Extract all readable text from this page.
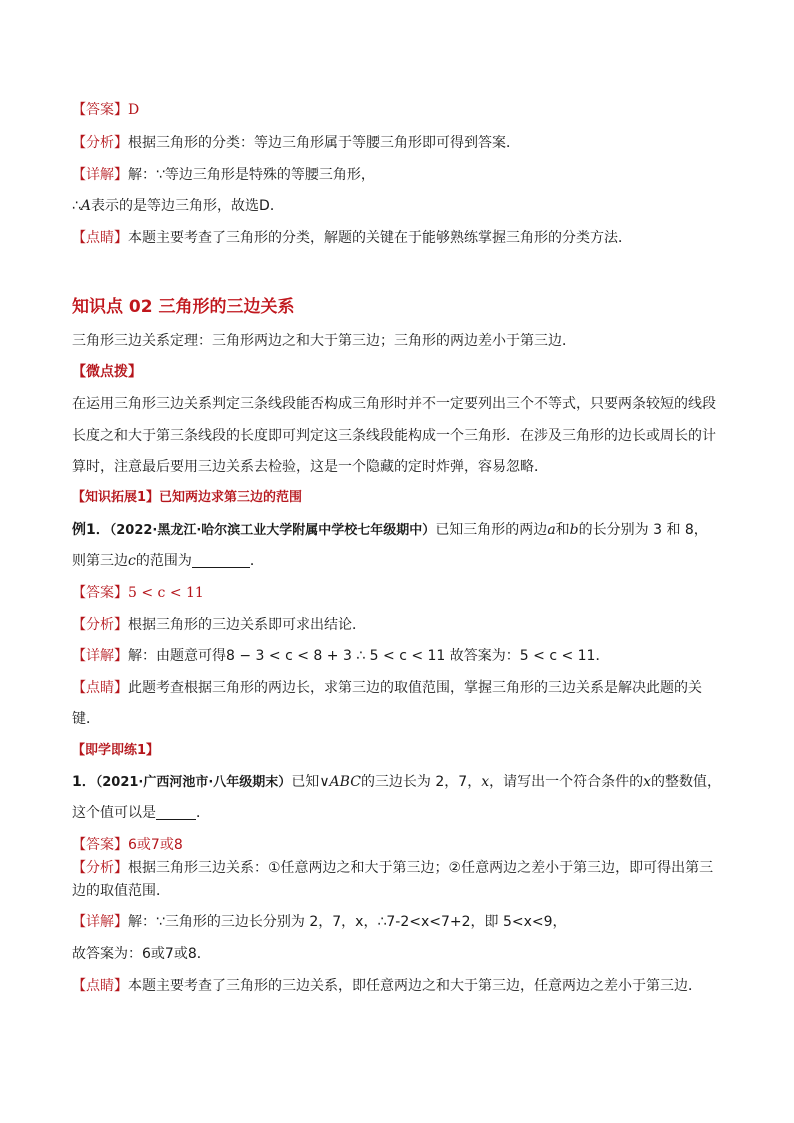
【答案】D
【分析】根据三角形的分类：等边三角形属于等腰三角形即可得到答案．
【详解】解：∵等边三角形是特殊的等腰三角形，
∴A表示的是等边三角形，故选D．
【点睛】本题主要考查了三角形的分类，解题的关键在于能够熟练掌握三角形的分类方法．
知识点 02 三角形的三边关系
三角形三边关系定理：三角形两边之和大于第三边；三角形的两边差小于第三边．
【微点拨】
在运用三角形三边关系判定三条线段能否构成三角形时并不一定要列出三个不等式，只要两条较短的线段
长度之和大于第三条线段的长度即可判定这三条线段能构成一个三角形．在涉及三角形的边长或周长的计
算时，注意最后要用三边关系去检验，这是一个隐藏的定时炸弹，容易忽略．
【知识拓展1】已知两边求第三边的范围
例1．（2022·黑龙江·哈尔滨工业大学附属中学校七年级期中）已知三角形的两边a和b的长分别为 3 和 8，
则第三边c的范围为	．
【答案】5 < c < 11
【分析】根据三角形的三边关系即可求出结论．
【详解】解：由题意可得8 − 3 < c < 8 + 3 ∴ 5 < c < 11 故答案为：5 < c < 11．
【点睛】此题考查根据三角形的两边长，求第三边的取值范围，掌握三角形的三边关系是解决此题的关
键．
【即学即练1】
1．（2021·广西河池市·八年级期末）已知∨ABC的三边长为 2，7，x，请写出一个符合条件的x的整数值，
这个值可以是	．
【答案】6或7或8
【分析】根据三角形三边关系：①任意两边之和大于第三边；②任意两边之差小于第三边，即可得出第三
边的取值范围．
【详解】解：∵三角形的三边长分别为 2，7，x，∴7-2<x<7+2，即 5<x<9，
故答案为：6或7或8．
【点睛】本题主要考查了三角形的三边关系，即任意两边之和大于第三边，任意两边之差小于第三边．
